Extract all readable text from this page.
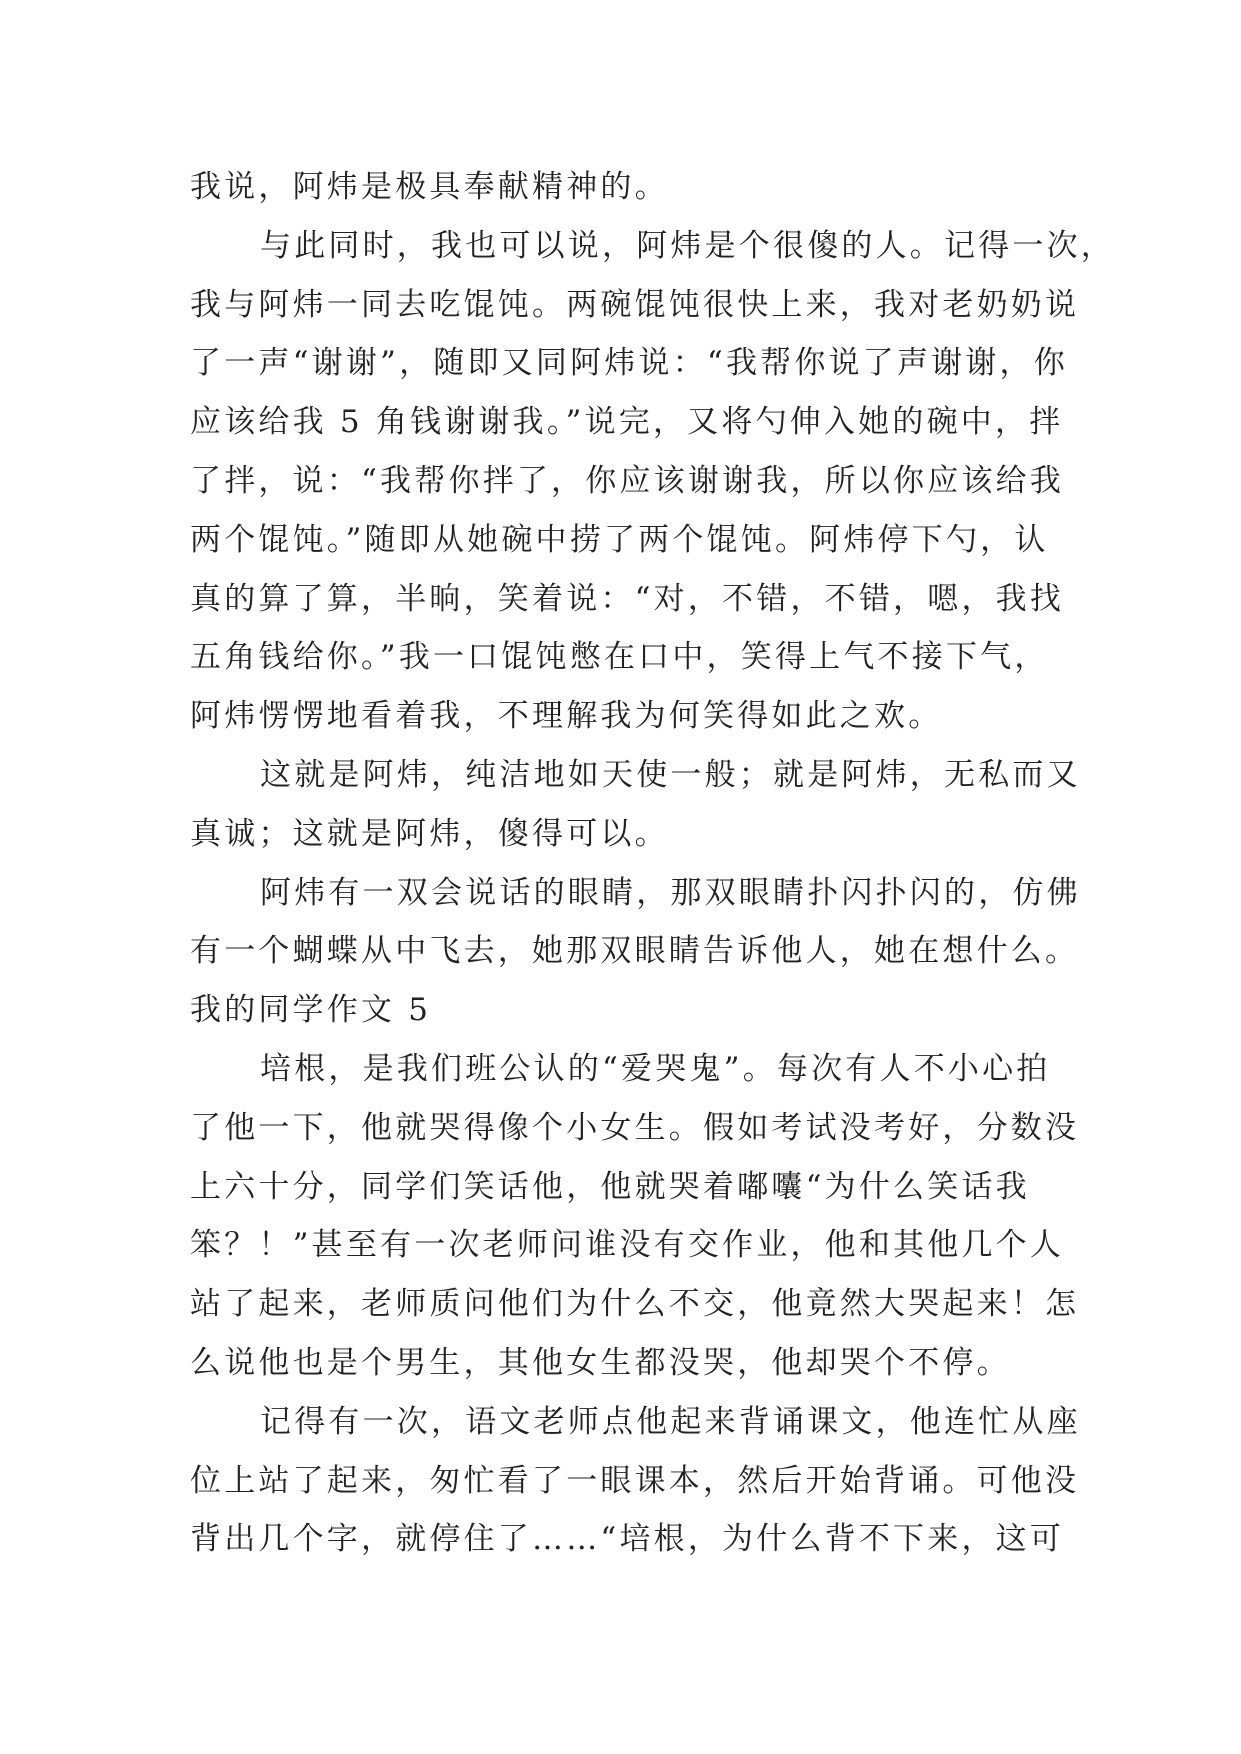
我说，阿炜是极具奉献精神的。
与此同时，我也可以说，阿炜是个很傻的人。记得一次，
我与阿炜一同去吃馄饨。两碗馄饨很快上来，我对老奶奶说
了一声“谢谢”，随即又同阿炜说：“我帮你说了声谢谢，你
应该给我 5 角钱谢谢我。”说完，又将勺伸入她的碗中，拌
了拌，说：“我帮你拌了，你应该谢谢我，所以你应该给我
两个馄饨。”随即从她碗中捞了两个馄饨。阿炜停下勺，认
真的算了算，半晌，笑着说：“对，不错，不错，嗯，我找
五角钱给你。”我一口馄饨憋在口中，笑得上气不接下气，
阿炜愣愣地看着我，不理解我为何笑得如此之欢。
这就是阿炜，纯洁地如天使一般；就是阿炜，无私而又
真诚；这就是阿炜，傻得可以。
阿炜有一双会说话的眼睛，那双眼睛扑闪扑闪的，仿佛
有一个蝴蝶从中飞去，她那双眼睛告诉他人，她在想什么。
我的同学作文 5
培根，是我们班公认的“爱哭鬼”。每次有人不小心拍
了他一下，他就哭得像个小女生。假如考试没考好，分数没
上六十分，同学们笑话他，他就哭着嘟囔“为什么笑话我
笨？！”甚至有一次老师问谁没有交作业，他和其他几个人
站了起来，老师质问他们为什么不交，他竟然大哭起来！怎
么说他也是个男生，其他女生都没哭，他却哭个不停。
记得有一次，语文老师点他起来背诵课文，他连忙从座
位上站了起来，匆忙看了一眼课本，然后开始背诵。可他没
背出几个字，就停住了……“培根，为什么背不下来，这可
